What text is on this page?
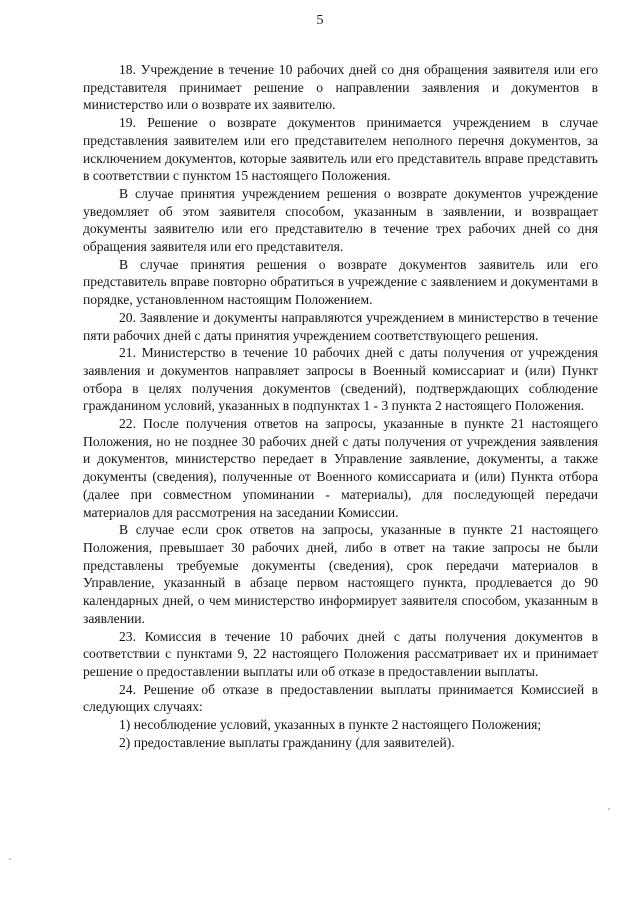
5

18. Учреждение в течение 10 рабочих дней со дня обращения заявителя или его представителя принимает решение о направлении заявления и документов в министерство или о возврате их заявителю.

19. Решение о возврате документов принимается учреждением в случае представления заявителем или его представителем неполного перечня документов, за исключением документов, которые заявитель или его представитель вправе представить в соответствии с пунктом 15 настоящего Положения.

В случае принятия учреждением решения о возврате документов учреждение уведомляет об этом заявителя способом, указанным в заявлении, и возвращает документы заявителю или его представителю в течение трех рабочих дней со дня обращения заявителя или его представителя.

В случае принятия решения о возврате документов заявитель или его представитель вправе повторно обратиться в учреждение с заявлением и документами в порядке, установленном настоящим Положением.

20. Заявление и документы направляются учреждением в министерство в течение пяти рабочих дней с даты принятия учреждением соответствующего решения.

21. Министерство в течение 10 рабочих дней с даты получения от учреждения заявления и документов направляет запросы в Военный комиссариат и (или) Пункт отбора в целях получения документов (сведений), подтверждающих соблюдение гражданином условий, указанных в подпунктах 1 - 3 пункта 2 настоящего Положения.

22. После получения ответов на запросы, указанные в пункте 21 настоящего Положения, но не позднее 30 рабочих дней с даты получения от учреждения заявления и документов, министерство передает в Управление заявление, документы, а также документы (сведения), полученные от Военного комиссариата и (или) Пункта отбора (далее при совместном упоминании - материалы), для последующей передачи материалов для рассмотрения на заседании Комиссии.

В случае если срок ответов на запросы, указанные в пункте 21 настоящего Положения, превышает 30 рабочих дней, либо в ответ на такие запросы не были представлены требуемые документы (сведения), срок передачи материалов в Управление, указанный в абзаце первом настоящего пункта, продлевается до 90 календарных дней, о чем министерство информирует заявителя способом, указанным в заявлении.

23. Комиссия в течение 10 рабочих дней с даты получения документов в соответствии с пунктами 9, 22 настоящего Положения рассматривает их и принимает решение о предоставлении выплаты или об отказе в предоставлении выплаты.

24. Решение об отказе в предоставлении выплаты принимается Комиссией в следующих случаях:

1) несоблюдение условий, указанных в пункте 2 настоящего Положения;

2) предоставление выплаты гражданину (для заявителей).
